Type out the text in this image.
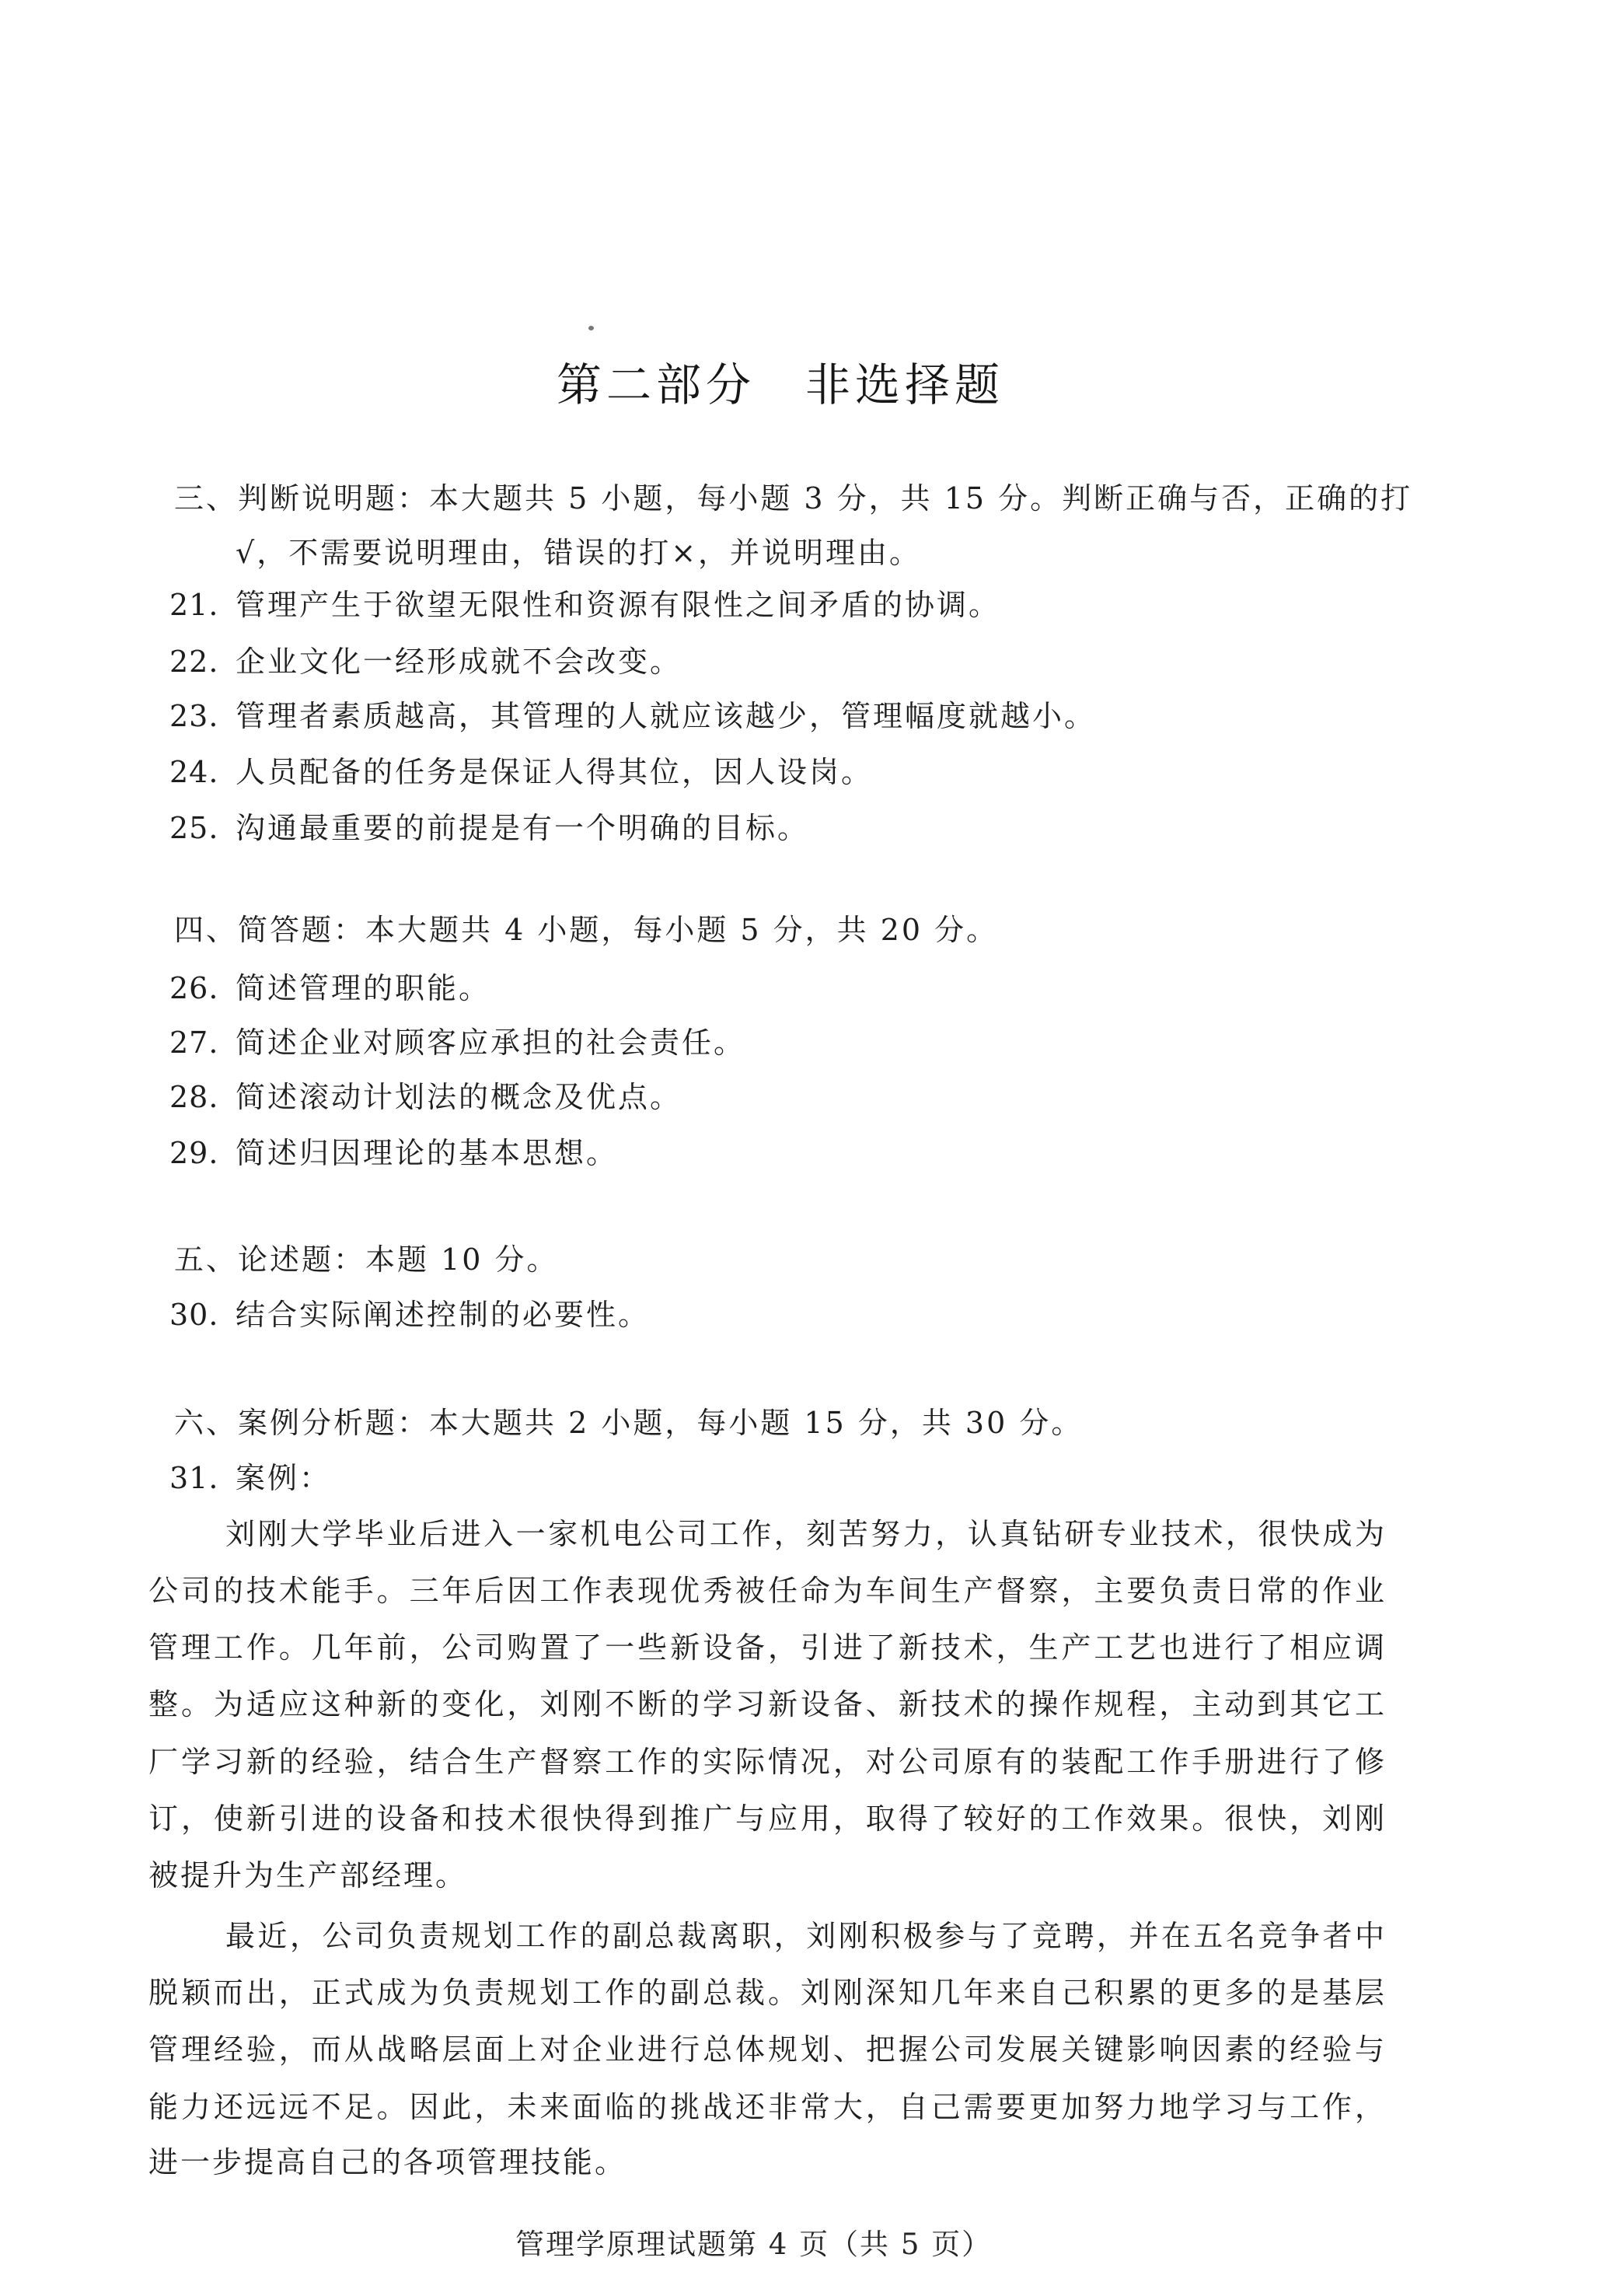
第二部分　非选择题
三、判断说明题：本大题共 5 小题，每小题 3 分，共 15 分。判断正确与否，正确的打
√，不需要说明理由，错误的打×，并说明理由。
21. 管理产生于欲望无限性和资源有限性之间矛盾的协调。
22. 企业文化一经形成就不会改变。
23. 管理者素质越高，其管理的人就应该越少，管理幅度就越小。
24. 人员配备的任务是保证人得其位，因人设岗。
25. 沟通最重要的前提是有一个明确的目标。
四、简答题：本大题共 4 小题，每小题 5 分，共 20 分。
26. 简述管理的职能。
27. 简述企业对顾客应承担的社会责任。
28. 简述滚动计划法的概念及优点。
29. 简述归因理论的基本思想。
五、论述题：本题 10 分。
30. 结合实际阐述控制的必要性。
六、案例分析题：本大题共 2 小题，每小题 15 分，共 30 分。
31. 案例：
刘刚大学毕业后进入一家机电公司工作，刻苦努力，认真钻研专业技术，很快成为
公司的技术能手。三年后因工作表现优秀被任命为车间生产督察，主要负责日常的作业
管理工作。几年前，公司购置了一些新设备，引进了新技术，生产工艺也进行了相应调
整。为适应这种新的变化，刘刚不断的学习新设备、新技术的操作规程，主动到其它工
厂学习新的经验，结合生产督察工作的实际情况，对公司原有的装配工作手册进行了修
订，使新引进的设备和技术很快得到推广与应用，取得了较好的工作效果。很快，刘刚
被提升为生产部经理。
最近，公司负责规划工作的副总裁离职，刘刚积极参与了竞聘，并在五名竞争者中
脱颖而出，正式成为负责规划工作的副总裁。刘刚深知几年来自己积累的更多的是基层
管理经验，而从战略层面上对企业进行总体规划、把握公司发展关键影响因素的经验与
能力还远远不足。因此，未来面临的挑战还非常大，自己需要更加努力地学习与工作，
进一步提高自己的各项管理技能。
管理学原理试题第 4 页（共 5 页）
